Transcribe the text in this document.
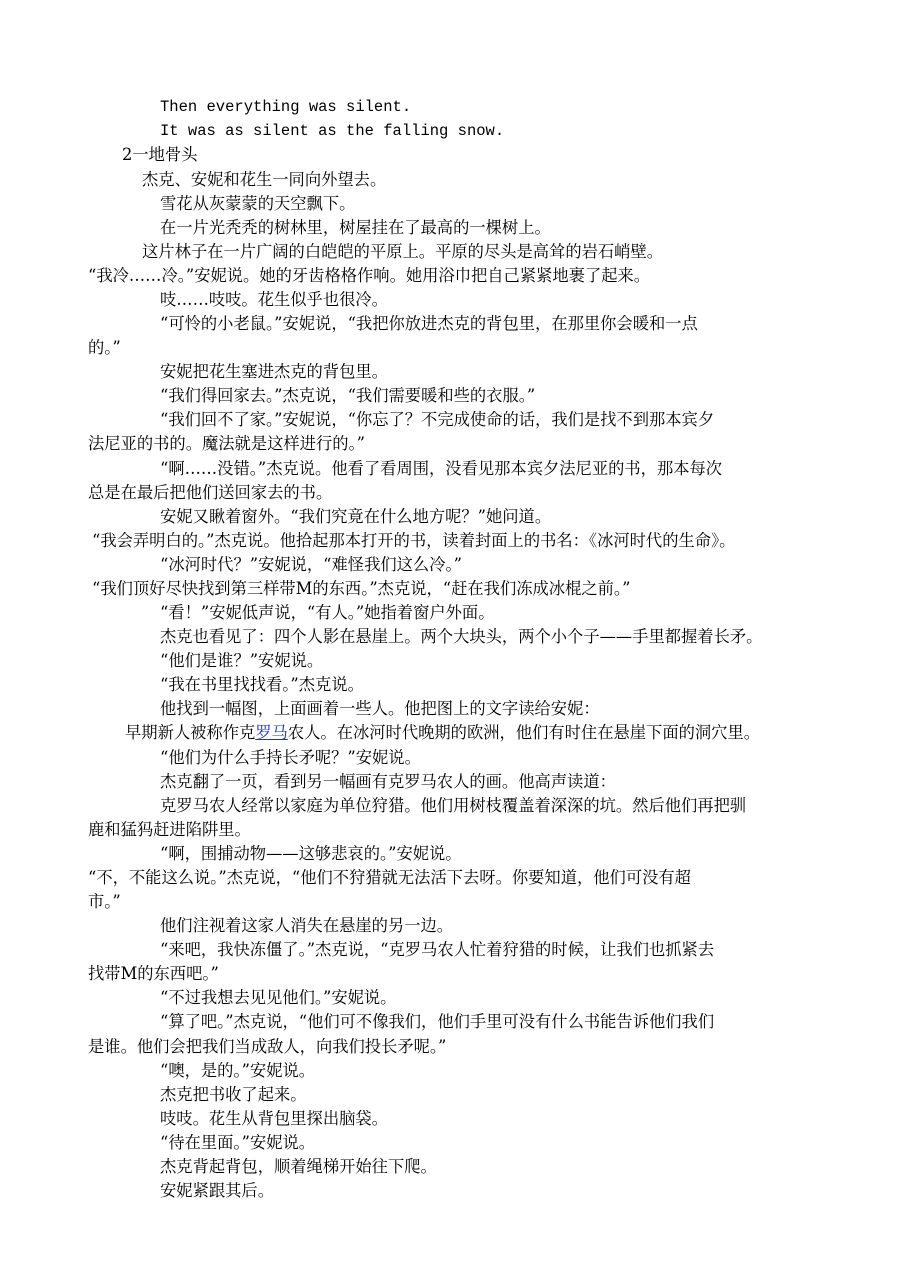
Then everything was silent.
It was as silent as the falling snow.
2一地骨头
杰克、安妮和花生一同向外望去。
雪花从灰蒙蒙的天空飘下。
在一片光秃秃的树林里，树屋挂在了最高的一棵树上。
这片林子在一片广阔的白皑皑的平原上。平原的尽头是高耸的岩石峭壁。
“我冷……冷。”安妮说。她的牙齿格格作响。她用浴巾把自己紧紧地裹了起来。
吱……吱吱。花生似乎也很冷。
“可怜的小老鼠。”安妮说，“我把你放进杰克的背包里，在那里你会暖和一点
的。”
安妮把花生塞进杰克的背包里。
“我们得回家去。”杰克说，“我们需要暖和些的衣服。”
“我们回不了家。”安妮说，“你忘了？不完成使命的话，我们是找不到那本宾夕
法尼亚的书的。魔法就是这样进行的。”
“啊……没错。”杰克说。他看了看周围，没看见那本宾夕法尼亚的书，那本每次
总是在最后把他们送回家去的书。
安妮又瞅着窗外。“我们究竟在什么地方呢？”她问道。
“我会弄明白的。”杰克说。他拾起那本打开的书，读着封面上的书名：《冰河时代的生命》。
“冰河时代？”安妮说，“难怪我们这么冷。”
“我们顶好尽快找到第三样带M的东西。”杰克说，“赶在我们冻成冰棍之前。”
“看！”安妮低声说，“有人。”她指着窗户外面。
杰克也看见了：四个人影在悬崖上。两个大块头，两个小个子——手里都握着长矛。
“他们是谁？”安妮说。
“我在书里找找看。”杰克说。
他找到一幅图，上面画着一些人。他把图上的文字读给安妮：
早期新人被称作克罗马农人。在冰河时代晚期的欧洲，他们有时住在悬崖下面的洞穴里。
“他们为什么手持长矛呢？”安妮说。
杰克翻了一页，看到另一幅画有克罗马农人的画。他高声读道：
克罗马农人经常以家庭为单位狩猎。他们用树枝覆盖着深深的坑。然后他们再把驯
鹿和猛犸赶进陷阱里。
“啊，围捕动物——这够悲哀的。”安妮说。
“不，不能这么说。”杰克说，“他们不狩猎就无法活下去呀。你要知道，他们可没有超
市。”
他们注视着这家人消失在悬崖的另一边。
“来吧，我快冻僵了。”杰克说，“克罗马农人忙着狩猎的时候，让我们也抓紧去
找带M的东西吧。”
“不过我想去见见他们。”安妮说。
“算了吧。”杰克说，“他们可不像我们，他们手里可没有什么书能告诉他们我们
是谁。他们会把我们当成敌人，向我们投长矛呢。”
“噢，是的。”安妮说。
杰克把书收了起来。
吱吱。花生从背包里探出脑袋。
“待在里面。”安妮说。
杰克背起背包，顺着绳梯开始往下爬。
安妮紧跟其后。
